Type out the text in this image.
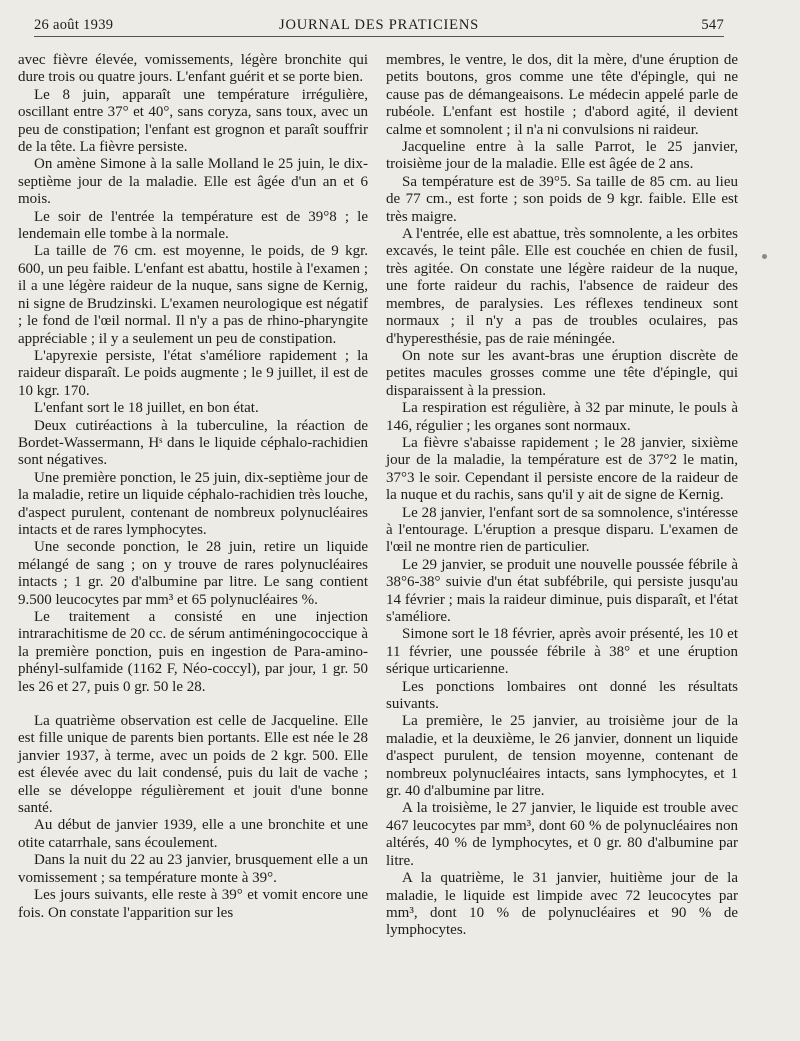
26 août 1939	JOURNAL DES PRATICIENS	547

avec fièvre élevée, vomissements, légère bronchite qui dure trois ou quatre jours. L'enfant guérit et se porte bien.

Le 8 juin, apparaît une température irrégulière, oscillant entre 37° et 40°, sans coryza, sans toux, avec un peu de constipation; l'enfant est grognon et paraît souffrir de la tête. La fièvre persiste.

On amène Simone à la salle Molland le 25 juin, le dix-septième jour de la maladie. Elle est âgée d'un an et 6 mois.

Le soir de l'entrée la température est de 39°8 ; le lendemain elle tombe à la normale.

La taille de 76 cm. est moyenne, le poids, de 9 kgr. 600, un peu faible. L'enfant est abattu, hostile à l'examen ; il a une légère raideur de la nuque, sans signe de Kernig, ni signe de Brudzinski. L'examen neurologique est négatif ; le fond de l'œil normal. Il n'y a pas de rhino-pharyngite appréciable ; il y a seulement un peu de constipation.

L'apyrexie persiste, l'état s'améliore rapidement ; la raideur disparaît. Le poids augmente ; le 9 juillet, il est de 10 kgr. 170.

L'enfant sort le 18 juillet, en bon état.

Deux cutiréactions à la tuberculine, la réaction de Bordet-Wassermann, Hˢ dans le liquide céphalo-rachidien sont négatives.

Une première ponction, le 25 juin, dix-septième jour de la maladie, retire un liquide céphalo-rachidien très louche, d'aspect purulent, contenant de nombreux polynucléaires intacts et de rares lymphocytes.

Une seconde ponction, le 28 juin, retire un liquide mélangé de sang ; on y trouve de rares polynucléaires intacts ; 1 gr. 20 d'albumine par litre. Le sang contient 9.500 leucocytes par mm³ et 65 polynucléaires %.

Le traitement a consisté en une injection intrarachitisme de 20 cc. de sérum antiméningococcique à la première ponction, puis en ingestion de Para-amino-phényl-sulfamide (1162 F, Néo-coccyl), par jour, 1 gr. 50 les 26 et 27, puis 0 gr. 50 le 28.

La quatrième observation est celle de Jacqueline. Elle est fille unique de parents bien portants. Elle est née le 28 janvier 1937, à terme, avec un poids de 2 kgr. 500. Elle est élevée avec du lait condensé, puis du lait de vache ; elle se développe régulièrement et jouit d'une bonne santé.

Au début de janvier 1939, elle a une bronchite et une otite catarrhale, sans écoulement.

Dans la nuit du 22 au 23 janvier, brusquement elle a un vomissement ; sa température monte à 39°.

Les jours suivants, elle reste à 39° et vomit encore une fois. On constate l'apparition sur les

membres, le ventre, le dos, dit la mère, d'une éruption de petits boutons, gros comme une tête d'épingle, qui ne cause pas de démangeaisons. Le médecin appelé parle de rubéole. L'enfant est hostile ; d'abord agité, il devient calme et somnolent ; il n'a ni convulsions ni raideur.

Jacqueline entre à la salle Parrot, le 25 janvier, troisième jour de la maladie. Elle est âgée de 2 ans.

Sa température est de 39°5. Sa taille de 85 cm. au lieu de 77 cm., est forte ; son poids de 9 kgr. faible. Elle est très maigre.

A l'entrée, elle est abattue, très somnolente, a les orbites excavés, le teint pâle. Elle est couchée en chien de fusil, très agitée. On constate une légère raideur de la nuque, une forte raideur du rachis, l'absence de raideur des membres, de paralysies. Les réflexes tendineux sont normaux ; il n'y a pas de troubles oculaires, pas d'hyperesthésie, pas de raie méningée.

On note sur les avant-bras une éruption discrète de petites macules grosses comme une tête d'épingle, qui disparaissent à la pression.

La respiration est régulière, à 32 par minute, le pouls à 146, régulier ; les organes sont normaux.

La fièvre s'abaisse rapidement ; le 28 janvier, sixième jour de la maladie, la température est de 37°2 le matin, 37°3 le soir. Cependant il persiste encore de la raideur de la nuque et du rachis, sans qu'il y ait de signe de Kernig.

Le 28 janvier, l'enfant sort de sa somnolence, s'intéresse à l'entourage. L'éruption a presque disparu. L'examen de l'œil ne montre rien de particulier.

Le 29 janvier, se produit une nouvelle poussée fébrile à 38°6-38° suivie d'un état subfébrile, qui persiste jusqu'au 14 février ; mais la raideur diminue, puis disparaît, et l'état s'améliore.

Simone sort le 18 février, après avoir présenté, les 10 et 11 février, une poussée fébrile à 38° et une éruption sérique urticarienne.

Les ponctions lombaires ont donné les résultats suivants.

La première, le 25 janvier, au troisième jour de la maladie, et la deuxième, le 26 janvier, donnent un liquide d'aspect purulent, de tension moyenne, contenant de nombreux polynucléaires intacts, sans lymphocytes, et 1 gr. 40 d'albumine par litre.

A la troisième, le 27 janvier, le liquide est trouble avec 467 leucocytes par mm³, dont 60 % de polynucléaires non altérés, 40 % de lymphocytes, et 0 gr. 80 d'albumine par litre.

A la quatrième, le 31 janvier, huitième jour de la maladie, le liquide est limpide avec 72 leucocytes par mm³, dont 10 % de polynucléaires et 90 % de lymphocytes.
